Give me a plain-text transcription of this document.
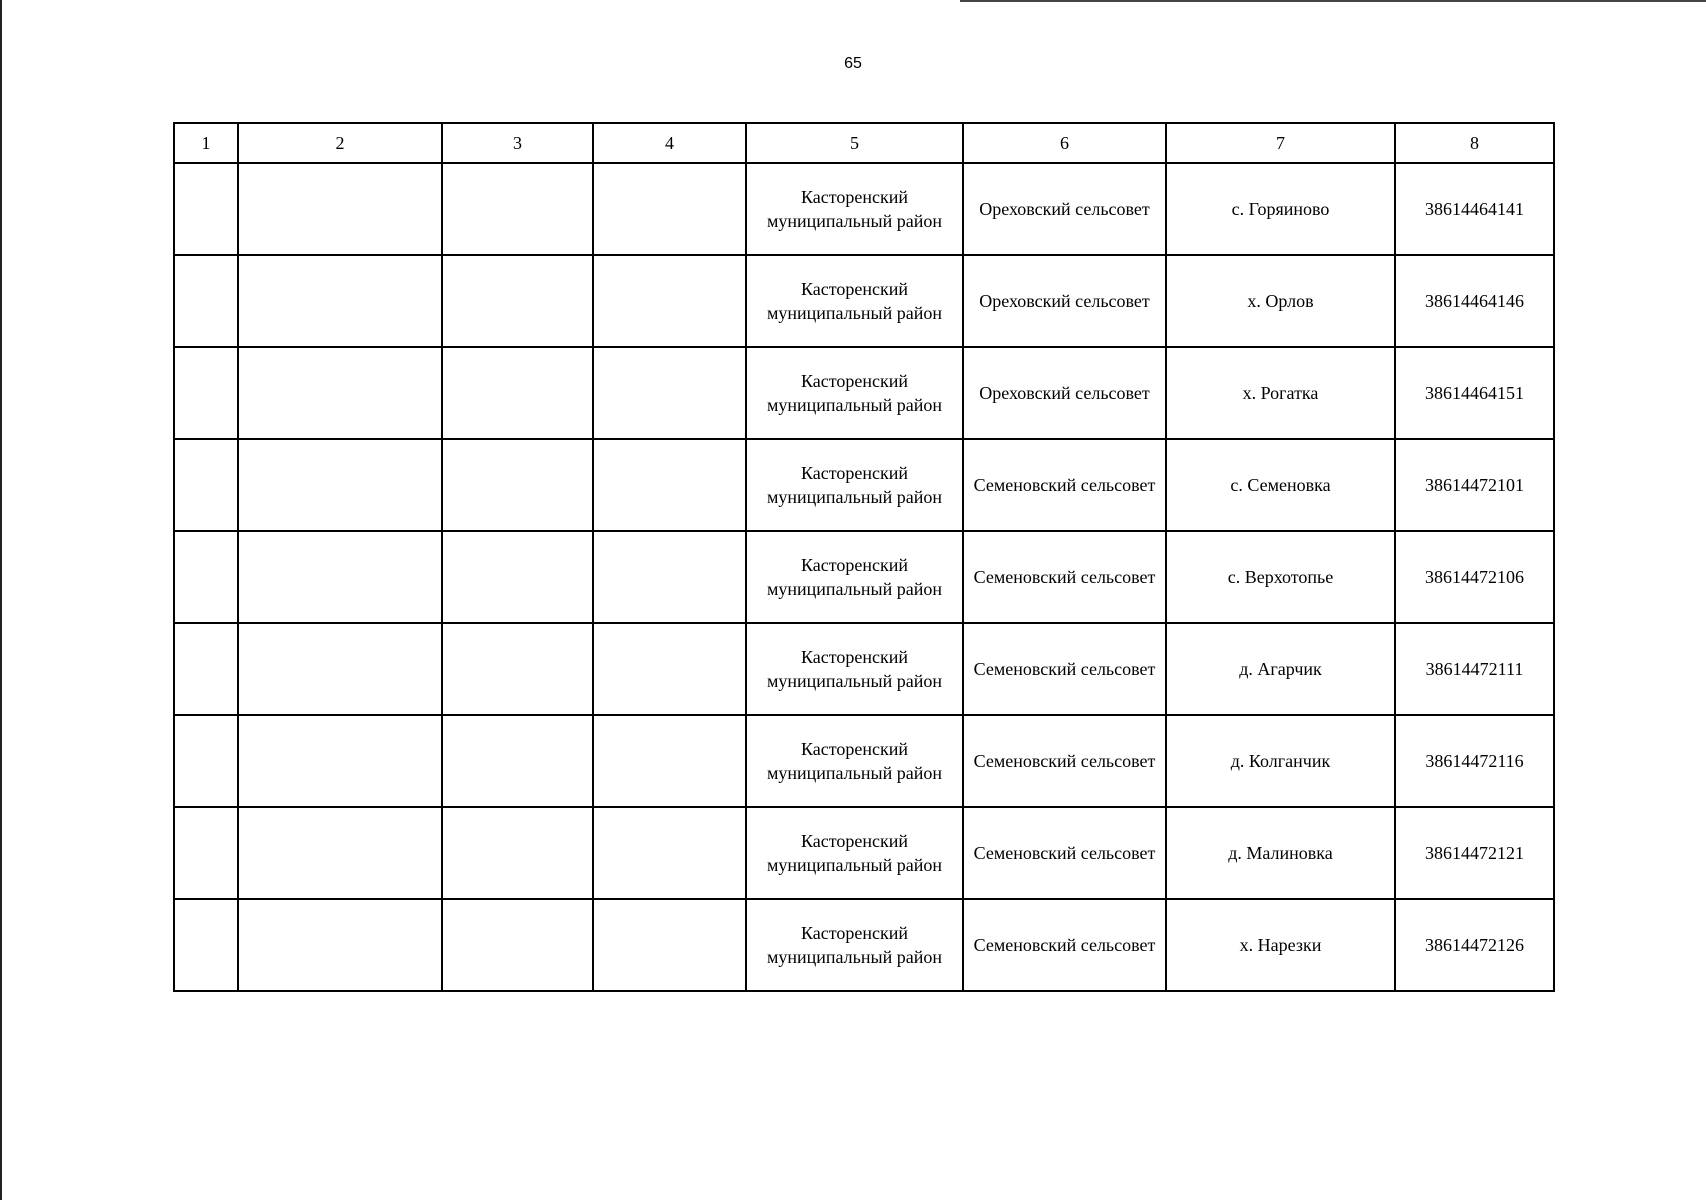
65
1	2	3	4	5	6	7	8

				Касторенский
муниципальный район	Ореховский сельсовет	с. Горяиново	38614464141

				Касторенский
муниципальный район	Ореховский сельсовет	х. Орлов	38614464146

				Касторенский
муниципальный район	Ореховский сельсовет	х. Рогатка	38614464151

				Касторенский
муниципальный район	Семеновский сельсовет	с. Семеновка	38614472101

				Касторенский
муниципальный район	Семеновский сельсовет	с. Верхотопье	38614472106

				Касторенский
муниципальный район	Семеновский сельсовет	д. Агарчик	38614472111

				Касторенский
муниципальный район	Семеновский сельсовет	д. Колганчик	38614472116

				Касторенский
муниципальный район	Семеновский сельсовет	д. Малиновка	38614472121

				Касторенский
муниципальный район	Семеновский сельсовет	х. Нарезки	38614472126
